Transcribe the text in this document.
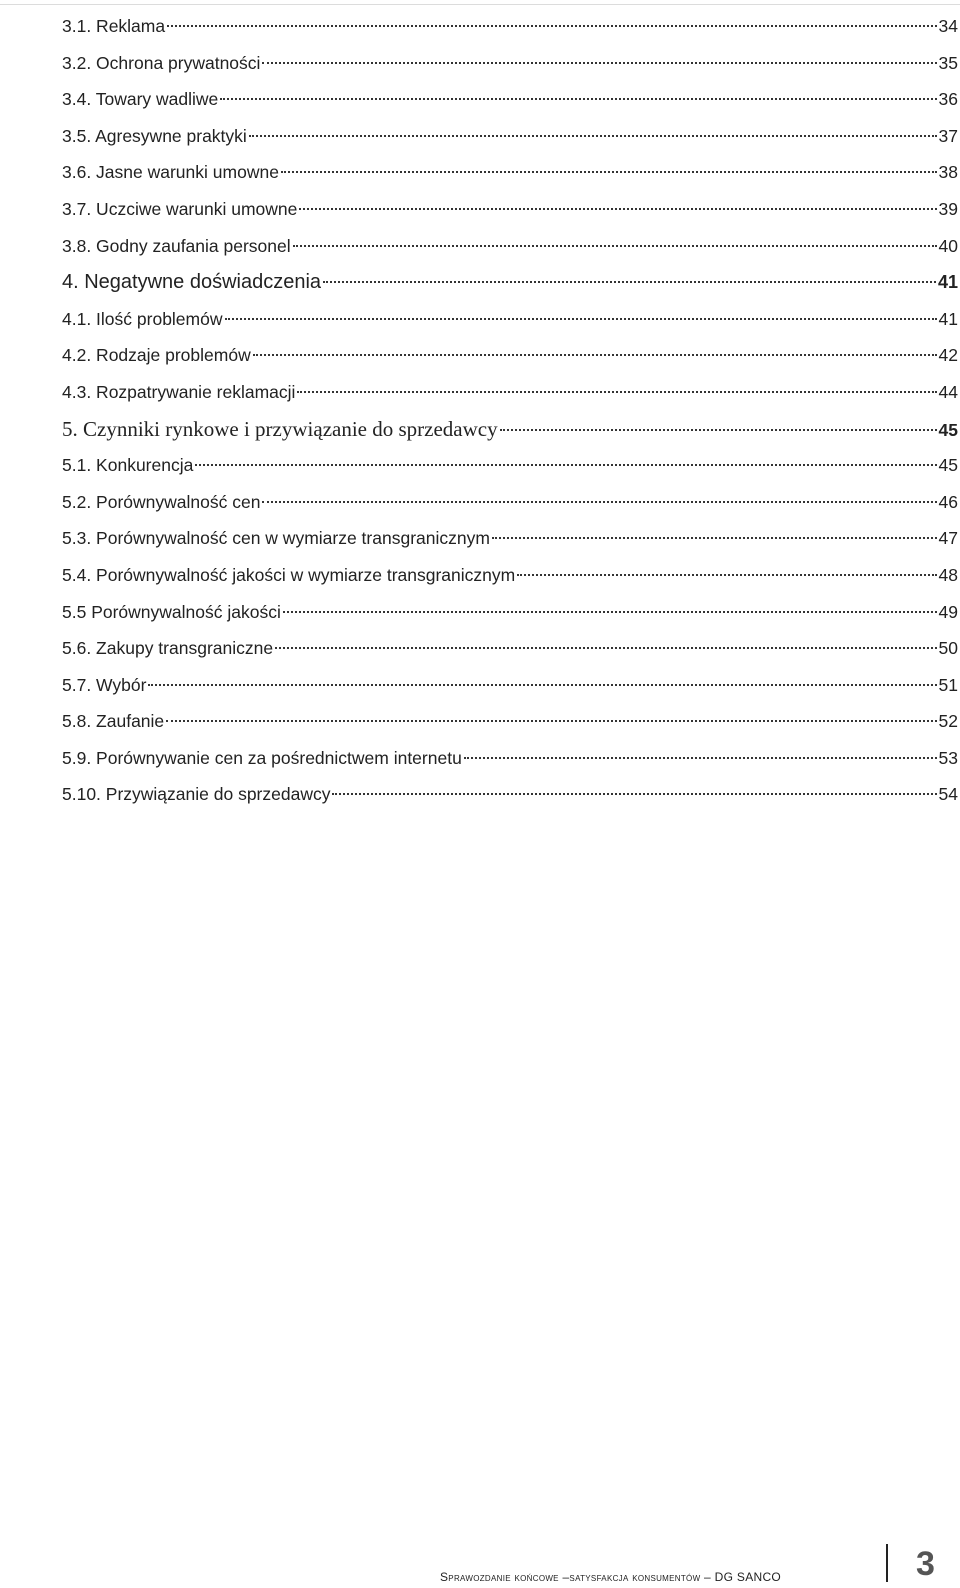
3.1. Reklama	34
3.2. Ochrona prywatności	35
3.4. Towary wadliwe	36
3.5. Agresywne praktyki	37
3.6. Jasne warunki umowne	38
3.7. Uczciwe warunki umowne	39
3.8. Godny zaufania personel	40
4. Negatywne doświadczenia	41
4.1. Ilość problemów	41
4.2. Rodzaje problemów	42
4.3. Rozpatrywanie reklamacji	44
5. Czynniki rynkowe i przywiązanie do sprzedawcy	45
5.1. Konkurencja	45
5.2. Porównywalność cen	46
5.3. Porównywalność cen w wymiarze transgranicznym	47
5.4. Porównywalność jakości w wymiarze transgranicznym	48
5.5 Porównywalność jakości	49
5.6. Zakupy transgraniczne	50
5.7. Wybór	51
5.8. Zaufanie	52
5.9. Porównywanie cen za pośrednictwem internetu	53
5.10. Przywiązanie do sprzedawcy	54
Sprawozdanie końcowe –satysfakcja konsumentów – DG SANCO	3
